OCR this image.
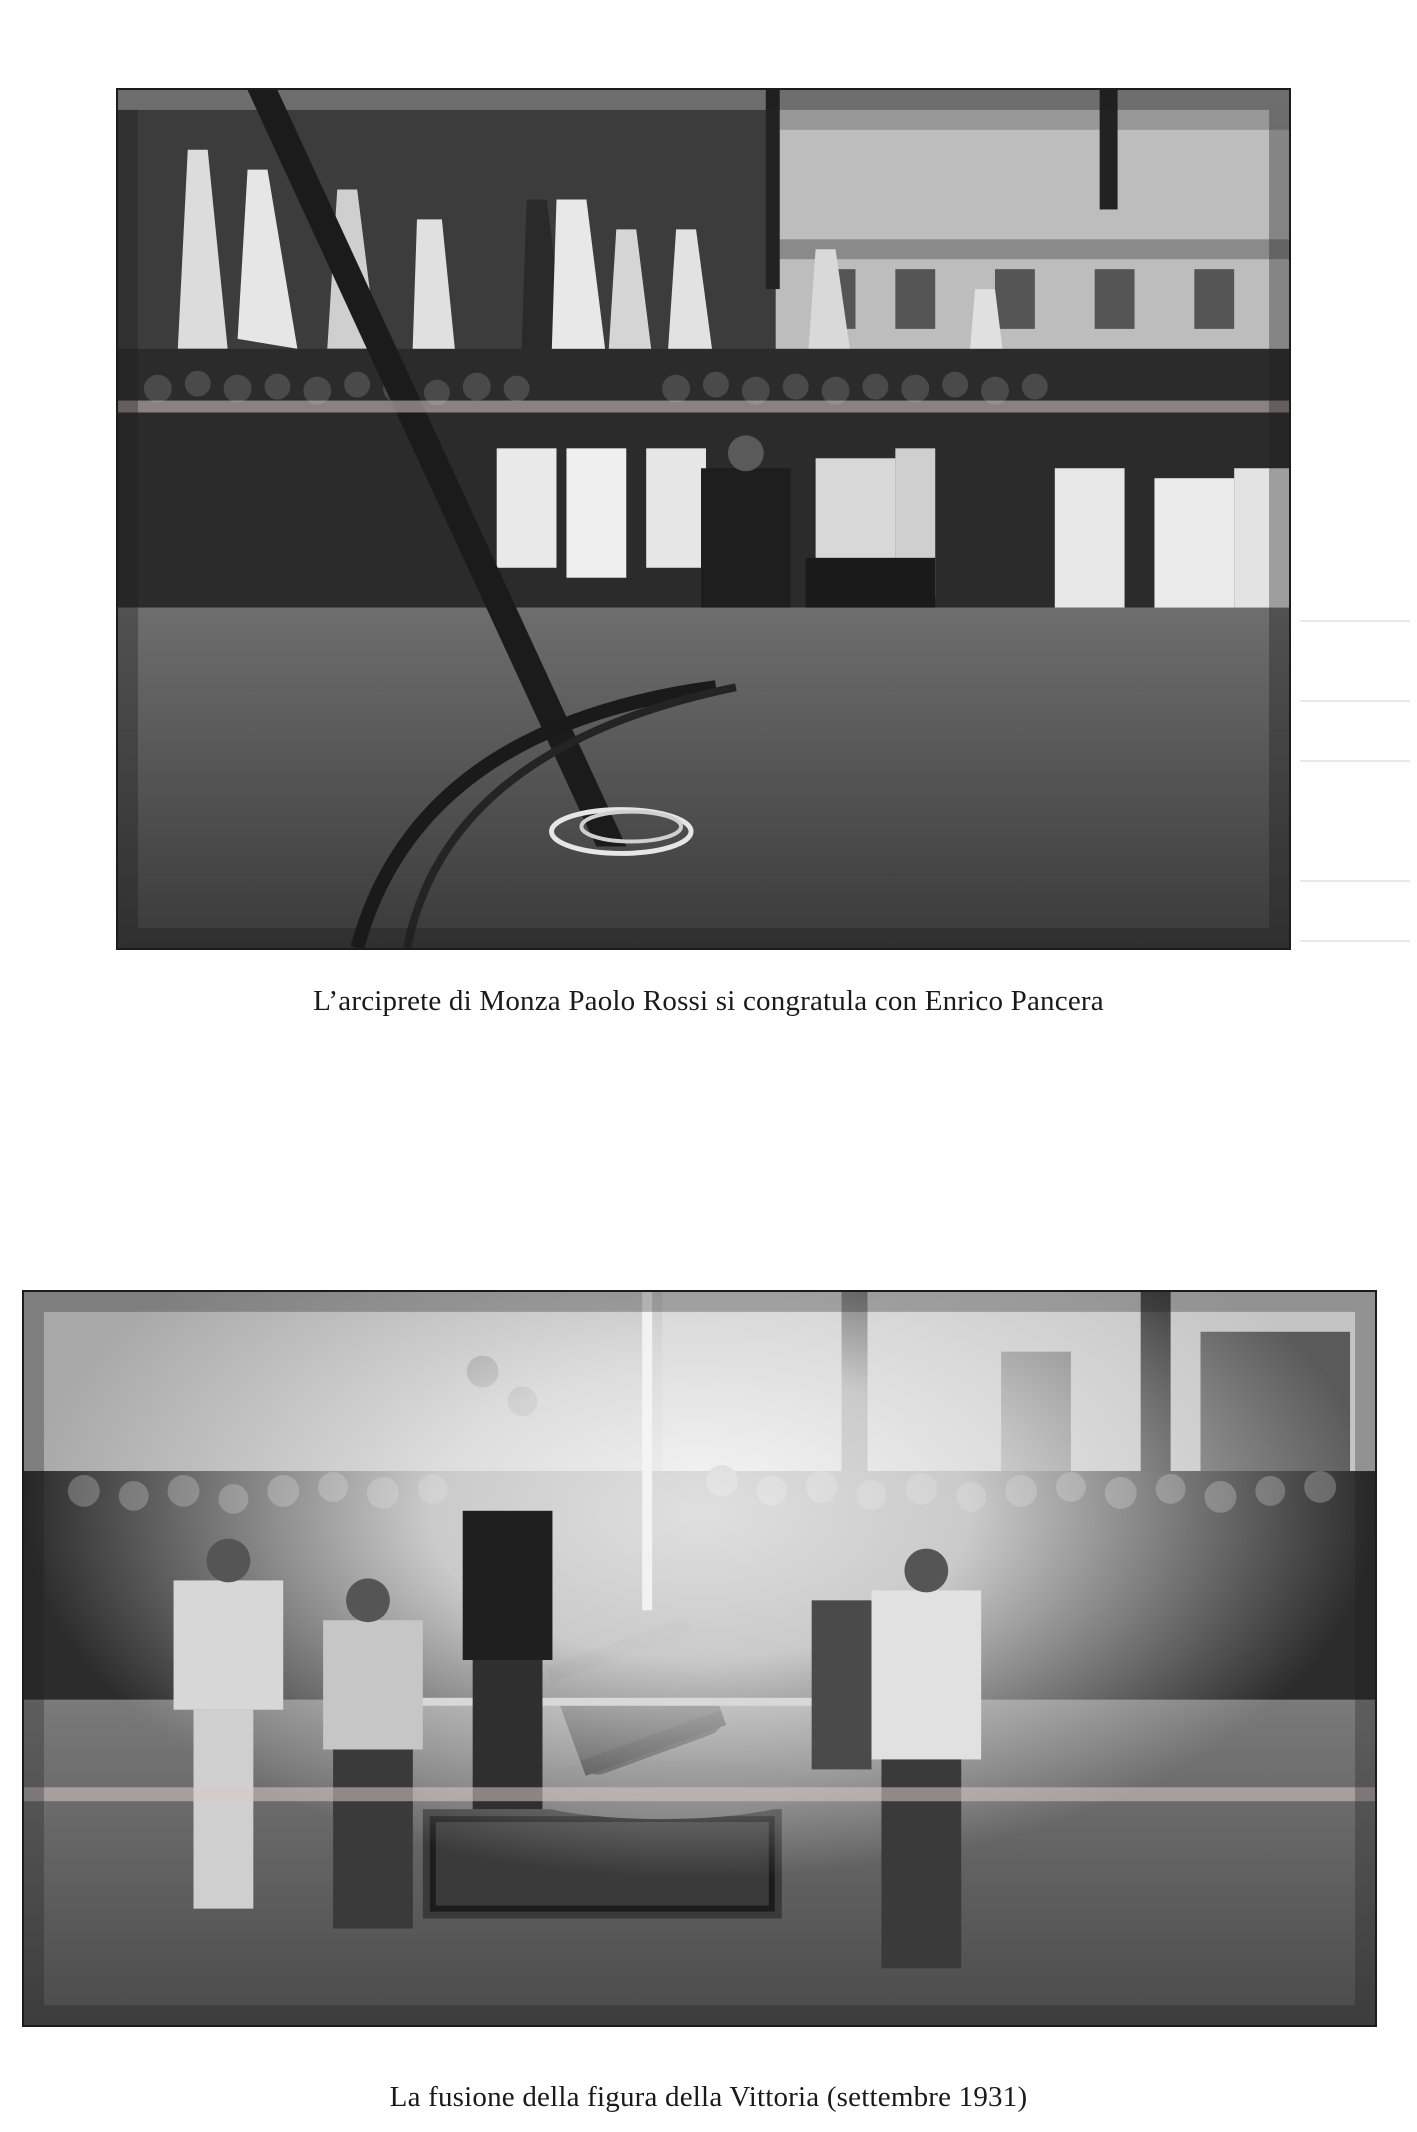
L’arciprete di Monza Paolo Rossi si congratula con Enrico Pancera
La fusione della figura della Vittoria (settembre 1931)
